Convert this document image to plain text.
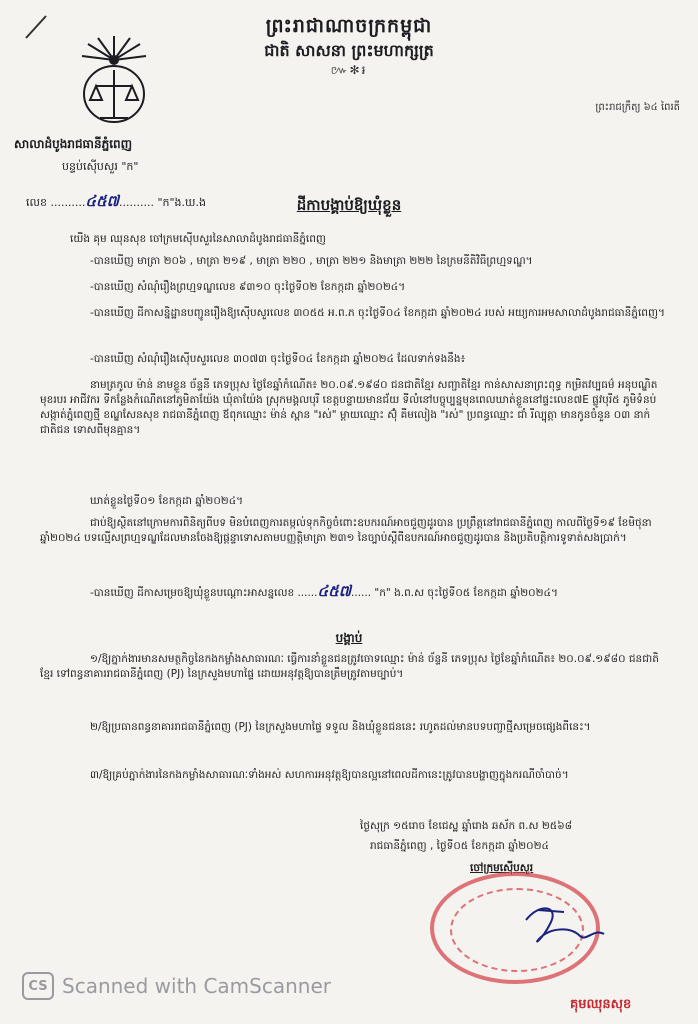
ព្រះរាជាណាចក្រកម្ពុជា
ជាតិ សាសនា ព្រះមហាក្សត្រ
៚✻៛
ព្រះរាជក្រឹត្យ ៦៤ ពៃរតី
សាលាដំបូងរាជធានីភ្នំពេញ
បន្ទប់ស៊ើបសួរ "ក"
លេខ ..........៤៥៧.......... "ក"ង.ឃ.ង	ដីកាបង្គាប់ឱ្យឃុំខ្លួន
យើង គុម ឈុនសុខ ចៅក្រមស៊ើបសួរនៃសាលាដំបូងរាជធានីភ្នំពេញ
-បានឃើញ មាត្រា ២០៦ , មាត្រា ២១៩ , មាត្រា ២២០ , មាត្រា ២២១ និងមាត្រា ២២២ នៃក្រមនីតិវិធីព្រហ្មទណ្ឌ។
-បានឃើញ សំណុំរឿងព្រហ្មទណ្ឌលេខ ៩៣១០ ចុះថ្ងៃទី០២ ខែកក្កដា ឆ្នាំ២០២៤។
-បានឃើញ ដីកាសន្និដ្ឋានបញ្ជូនរឿងឱ្យស៊ើបសួរលេខ ៣០៥៥ អ.ព.ភ ចុះថ្ងៃទី០៤ ខែកក្កដា ឆ្នាំ២០២៤ របស់ អយ្យការអមសាលាដំបូងរាជធានីភ្នំពេញ។
-បានឃើញ សំណុំរឿងស៊ើបសួរលេខ ៣០៧៣ ចុះថ្ងៃទី០៤ ខែកក្កដា ឆ្នាំ២០២៤ ដែលទាក់ទងនឹង៖
នាមត្រកូល ម៉ាន់ នាមខ្លួន ច័ន្ទនី ភេទប្រុស ថ្ងៃខែឆ្នាំកំណើត៖ ២០.០៩.១៩៨០ ជនជាតិខ្មែរ សញ្ជាតិខ្មែរ កាន់សាសនាព្រះពុទ្ធ កម្រិតវប្បធម៌ អនុបណ្ឌិត មុខរបរ អាជីវករ ទីកន្លែងកំណើតនៅភូមិតាយ៉ែង ឃុំតាយ៉ែង ស្រុកមង្គលបុរី ខេត្តបន្ទាយមានជ័យ ទីលំនៅបច្ចុប្បន្នមុនពេលឃាត់ខ្លួននៅផ្ទះលេខ៧E ផ្លូវបុរី៥ ភូមិទំនប់ សង្កាត់ភ្នំពេញថ្មី ខណ្ឌសែនសុខ រាជធានីភ្នំពេញ ឪពុកឈ្មោះ ម៉ាន់ ស្ពាន "រស់" ម្ដាយឈ្មោះ ស៊ុំ គីមលៀង "រស់" ប្រពន្ធឈ្មោះ ជាំ រីល្បុត្តា មានកូនចំនួន ០៣ នាក់ ជាតិជន ទោសពីមុនគ្មាន។
ឃាត់ខ្លួនថ្ងៃទី០១ ខែកក្កដា ឆ្នាំ២០២៤។
ជាប់ឱ្យស្ថិតនៅក្រោមការពិនិត្យពីបទ មិនបំពេញការតម្កល់ទុកកិច្ចចំពោះឧបករណ៍អាចជួញដូរបាន ប្រព្រឹត្តនៅរាជធានីភ្នំពេញ កាលពីថ្ងៃទី១៩ ខែមិថុនា ឆ្នាំ២០២៤ បទល្មើសព្រហ្មទណ្ឌដែលមានចែងឱ្យផ្តន្ទាទោសតាមបញ្ញត្តិមាត្រា ២៣១ នៃច្បាប់ស្តីពីឧបករណ៍អាចជួញដូរបាន និងប្រតិបត្តិការទូទាត់សងប្រាក់។
-បានឃើញ ដីកាសម្រេចឱ្យឃុំខ្លួនបណ្ដោះអាសន្នលេខ ......៤៥៧...... "ក" ង.ព.ស ចុះថ្ងៃទី០៥ ខែកក្កដា ឆ្នាំ២០២៤។
បង្គាប់
១/ឱ្យភ្នាក់ងារមានសមត្ថកិច្ចនៃកងកម្លាំងសាធារណៈ ធ្វើការនាំខ្លួនជនត្រូវចោទឈ្មោះ ម៉ាន់ ច័ន្ទនី ភេទប្រុស ថ្ងៃខែឆ្នាំកំណើត៖ ២០.០៩.១៩៨០ ជនជាតិខ្មែរ ទៅពន្ធនាគាររាជធានីភ្នំពេញ (PJ) នៃក្រសួងមហាផ្ទៃ ដោយអនុវត្តឱ្យបានត្រឹមត្រូវតាមច្បាប់។
២/ឱ្យប្រធានពន្ធនាគាររាជធានីភ្នំពេញ (PJ) នៃក្រសួងមហាផ្ទៃ ទទួល និងឃុំខ្លួនជននេះ រហូតដល់មានបទបញ្ជាថ្មីសម្រេចផ្សេងពីនេះ។
៣/ឱ្យគ្រប់ភ្នាក់ងារនៃកងកម្លាំងសាធារណៈទាំងអស់ សហការអនុវត្តឱ្យបានល្អនៅពេលដីកានេះត្រូវបានបង្ហាញក្នុងករណីចាំបាច់។
ថ្ងៃសុក្រ ១៥រោច ខែជេស្ឋ ឆ្នាំរោង ឆស័ក ព.ស ២៥៦៨
រាជធានីភ្នំពេញ , ថ្ងៃទី០៥ ខែកក្កដា ឆ្នាំ២០២៤
ចៅក្រមស៊ើបសួរ
គុមឈុនសុខ
CS Scanned with CamScanner
